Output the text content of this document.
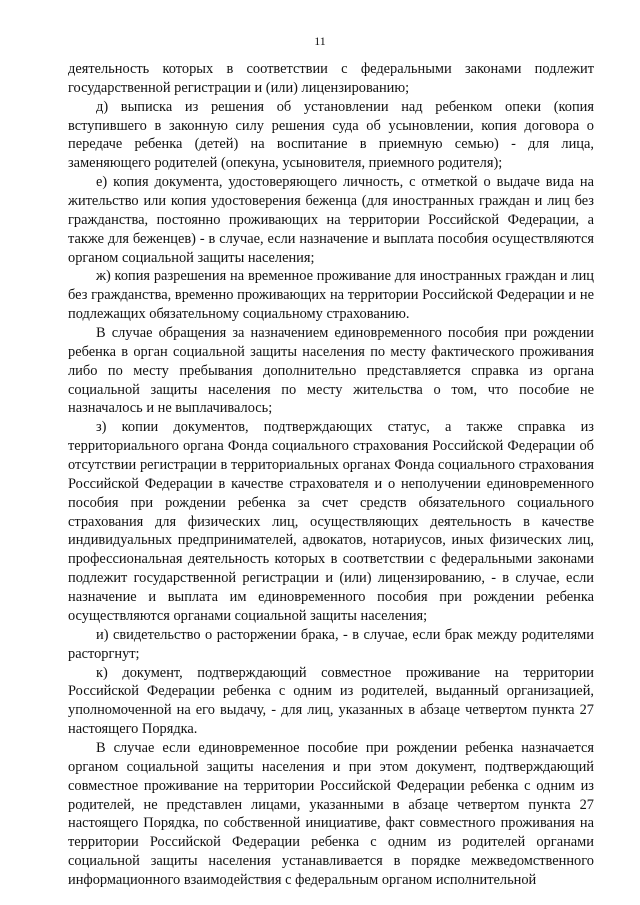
11

деятельность которых в соответствии с федеральными законами подлежит государственной регистрации и (или) лицензированию;

д) выписка из решения об установлении над ребенком опеки (копия вступившего в законную силу решения суда об усыновлении, копия договора о передаче ребенка (детей) на воспитание в приемную семью) - для лица, заменяющего родителей (опекуна, усыновителя, приемного родителя);

е) копия документа, удостоверяющего личность, с отметкой о выдаче вида на жительство или копия удостоверения беженца (для иностранных граждан и лиц без гражданства, постоянно проживающих на территории Российской Федерации, а также для беженцев) - в случае, если назначение и выплата пособия осуществляются органом социальной защиты населения;

ж) копия разрешения на временное проживание для иностранных граждан и лиц без гражданства, временно проживающих на территории Российской Федерации и не подлежащих обязательному социальному страхованию.

В случае обращения за назначением единовременного пособия при рождении ребенка в орган социальной защиты населения по месту фактического проживания либо по месту пребывания дополнительно представляется справка из органа социальной защиты населения по месту жительства о том, что пособие не назначалось и не выплачивалось;

з) копии документов, подтверждающих статус, а также справка из территориального органа Фонда социального страхования Российской Федерации об отсутствии регистрации в территориальных органах Фонда социального страхования Российской Федерации в качестве страхователя и о неполучении единовременного пособия при рождении ребенка за счет средств обязательного социального страхования для физических лиц, осуществляющих деятельность в качестве индивидуальных предпринимателей, адвокатов, нотариусов, иных физических лиц, профессиональная деятельность которых в соответствии с федеральными законами подлежит государственной регистрации и (или) лицензированию, - в случае, если назначение и выплата им единовременного пособия при рождении ребенка осуществляются органами социальной защиты населения;

и) свидетельство о расторжении брака, - в случае, если брак между родителями расторгнут;

к) документ, подтверждающий совместное проживание на территории Российской Федерации ребенка с одним из родителей, выданный организацией, уполномоченной на его выдачу, - для лиц, указанных в абзаце четвертом пункта 27 настоящего Порядка.

В случае если единовременное пособие при рождении ребенка назначается органом социальной защиты населения и при этом документ, подтверждающий совместное проживание на территории Российской Федерации ребенка с одним из родителей, не представлен лицами, указанными в абзаце четвертом пункта 27 настоящего Порядка, по собственной инициативе, факт совместного проживания на территории Российской Федерации ребенка с одним из родителей органами социальной защиты населения устанавливается в порядке межведомственного информационного взаимодействия с федеральным органом исполнительной
